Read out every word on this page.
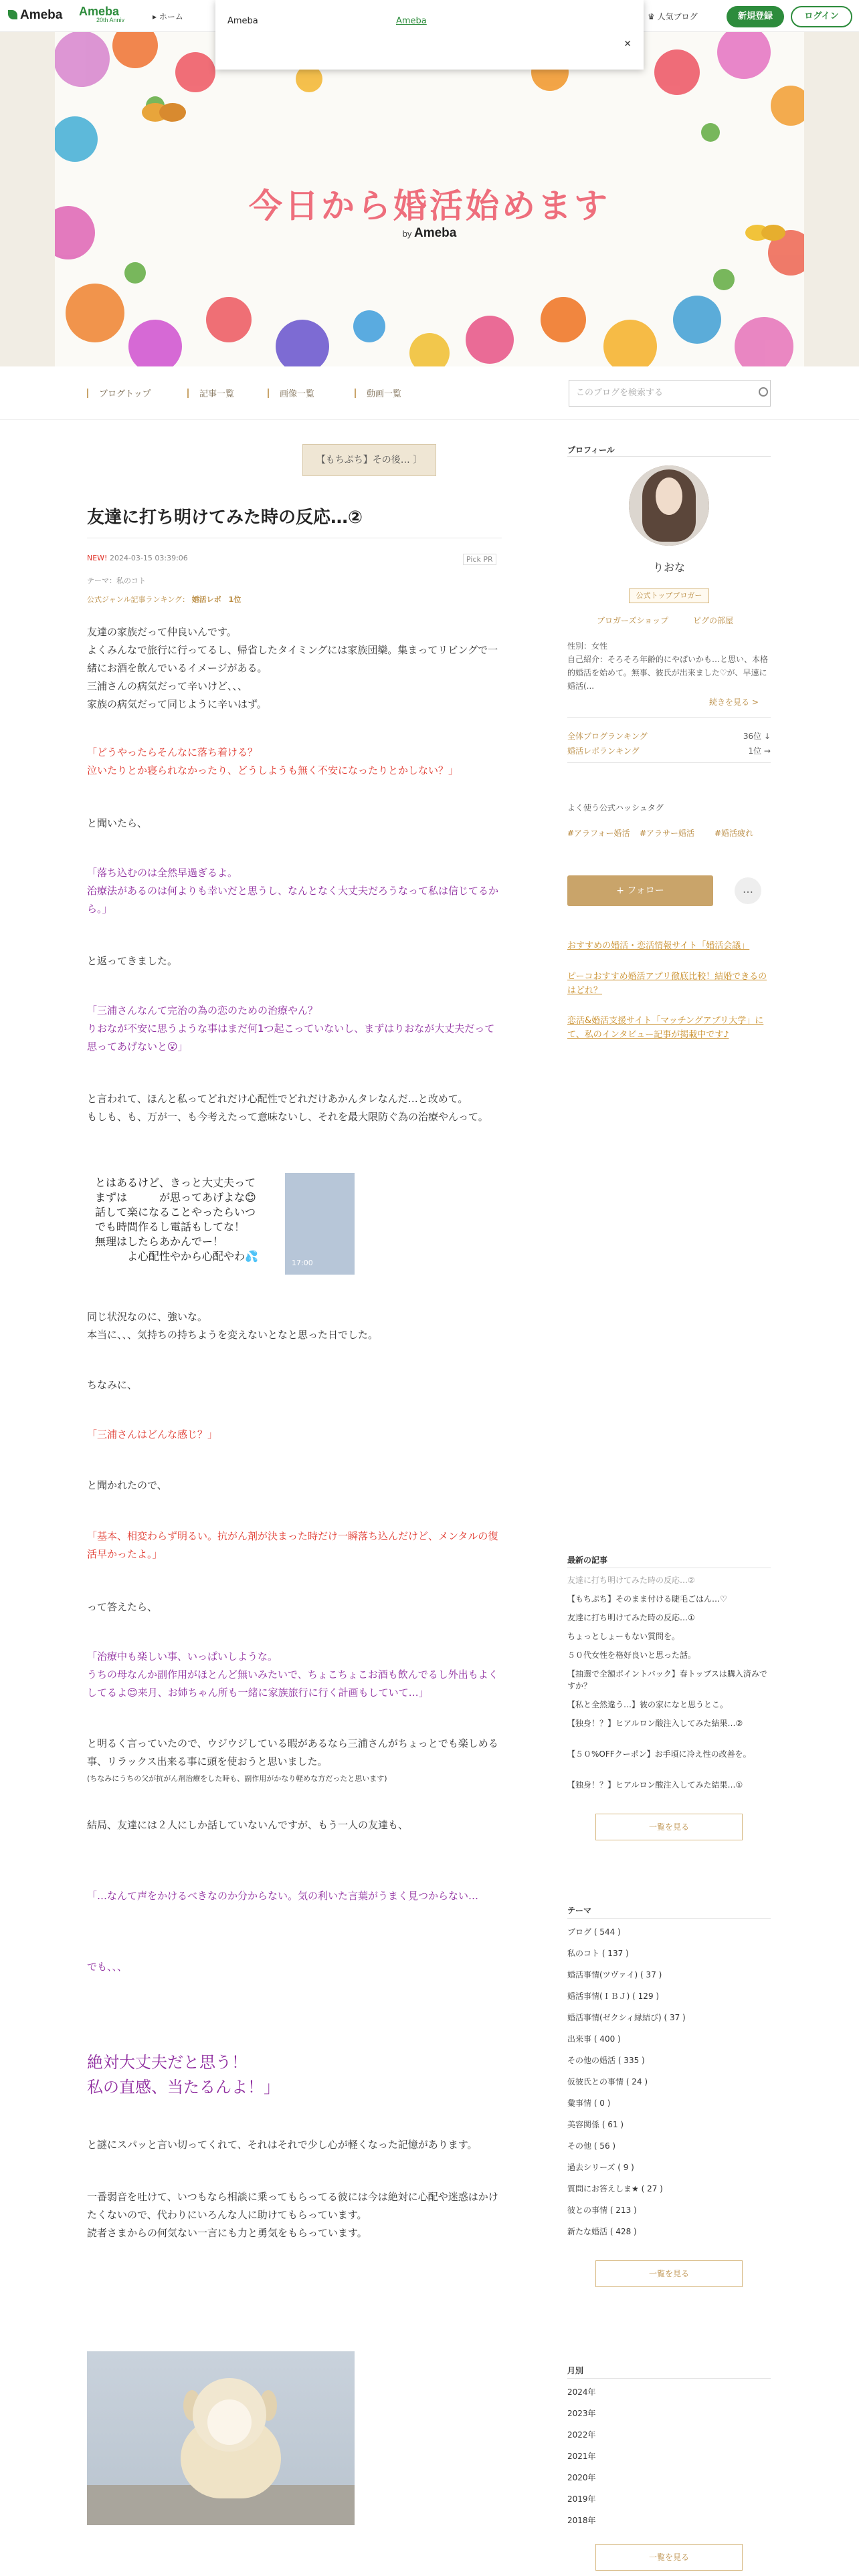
Ameba Ameba
20th Anniv	▸ ホーム	♛ 人気ブログ	新規登録	ログイン
Ameba	Ameba
✕
今日から婚活始めます
by Ameba
ブログトップ	記事一覧	画像一覧	動画一覧	このブログを検索する
【もちぷち】その後… 〕
友達に打ち明けてみた時の反応…②
NEW! 2024-03-15 03:39:06	Pick PR
テーマ：私のコト
公式ジャンル記事ランキング： 婚活レポ　1位
友達の家族だって仲良いんです。
よくみんなで旅行に行ってるし、帰省したタイミングには家族団欒。集まってリビングで一緒にお酒を飲んでいるイメージがある。
三浦さんの病気だって辛いけど、、、
家族の病気だって同じように辛いはず。
「どうやったらそんなに落ち着ける？
泣いたりとか寝られなかったり、どうしようも無く不安になったりとかしない？」
と聞いたら、
「落ち込むのは全然早過ぎるよ。
治療法があるのは何よりも幸いだと思うし、なんとなく大丈夫だろうなって私は信じてるから。」
と返ってきました。
「三浦さんなんて完治の為の恋のための治療やん？
りおなが不安に思うような事はまだ何1つ起こっていないし、まずはりおなが大丈夫だって思ってあげないと😮」
と言われて、ほんと私ってどれだけ心配性でどれだけあかんタレなんだ…と改めて。
もしも、も、万が一、も今考えたって意味ないし、それを最大限防ぐ為の治療やんって。
とはあるけど、きっと大丈夫って
まずは　　　が思ってあげよな😊
話して楽になることやったらいつ
でも時間作るし電話もしてな！
無理はしたらあかんでー！
　　　よ心配性やから心配やわ💦
17:00
同じ状況なのに、強いな。
本当に、、、気持ちの持ちようを変えないとなと思った日でした。
ちなみに、
「三浦さんはどんな感じ？」
と聞かれたので、
「基本、相変わらず明るい。抗がん剤が決まった時だけ一瞬落ち込んだけど、メンタルの復活早かったよ。」
って答えたら、
「治療中も楽しい事、いっぱいしような。
うちの母なんか副作用がほとんど無いみたいで、ちょこちょこお酒も飲んでるし外出もよくしてるよ😊来月、お姉ちゃん所も一緒に家族旅行に行く計画もしていて…」
と明るく言っていたので、ウジウジしている暇があるなら三浦さんがちょっとでも楽しめる事、リラックス出来る事に頭を使おうと思いました。
(ちなみにうちの父が抗がん剤治療をした時も、副作用がかなり軽めな方だったと思います)
結局、友達には２人にしか話していないんですが、もう一人の友達も、
「…なんて声をかけるべきなのか分からない。気の利いた言葉がうまく見つからない…
でも、、、
絶対大丈夫だと思う！
私の直感、当たるんよ！」
と謎にスパッと言い切ってくれて、それはそれで少し心が軽くなった記憶があります。
一番弱音を吐けて、いつもなら相談に乗ってもらってる彼には今は絶対に心配や迷惑はかけたくないので、代わりにいろんな人に助けてもらっています。
読者さまからの何気ない一言にも力と勇気をもらっています。
プロフィール
りおな
公式トップブロガー
ブロガーズショップ	ピグの部屋
性別：女性
自己紹介：そろそろ年齢的にやばいかも…と思い、本格的婚活を始めて。無事、彼氏が出来ました♡が、早速に婚活(...
続きを見る >
全体ブログランキング	36位 ↓
婚活レポランキング	1位 →
よく使う公式ハッシュタグ
#アラフォー婚活 #アラサー婚活 #婚活疲れ
+ フォロー	…
おすすめの婚活・恋活情報サイト「婚活会議」
ピーコおすすめ婚活アプリ徹底比較！結婚できるのはどれ？
恋活&婚活支援サイト「マッチングアプリ大学」にて、私のインタビュー記事が掲載中です♪
最新の記事
友達に打ち明けてみた時の反応…②
【もちぷち】そのまま付ける睫毛ごはん…♡
友達に打ち明けてみた時の反応…①
ちょっとしょーもない質問を。
５０代女性を格好良いと思った話。
【抽選で全額ポイントバック】春トップスは購入済みですか？
【私と全然違う…】彼の家になと思うとこ。
【独身！？】ヒアルロン酸注入してみた結果…②
【５０%OFFクーポン】お手頃に冷え性の改善を。
【独身！？】ヒアルロン酸注入してみた結果…①
一覧を見る
テーマ
ブログ ( 544 )
私のコト ( 137 )
婚活事情(ツヴァイ) ( 37 )
婚活事情(ＩＢＪ) ( 129 )
婚活事情(ゼクシィ縁結び) ( 37 )
出来事 ( 400 )
その他の婚活 ( 335 )
仮彼氏との事情 ( 24 )
彙事情 ( 0 )
美容関係 ( 61 )
その他 ( 56 )
過去シリーズ ( 9 )
質問にお答えしま★ ( 27 )
彼との事情 ( 213 )
新たな婚活 ( 428 )
一覧を見る
月別
2024年
2023年
2022年
2021年
2020年
2019年
2018年
一覧を見る
